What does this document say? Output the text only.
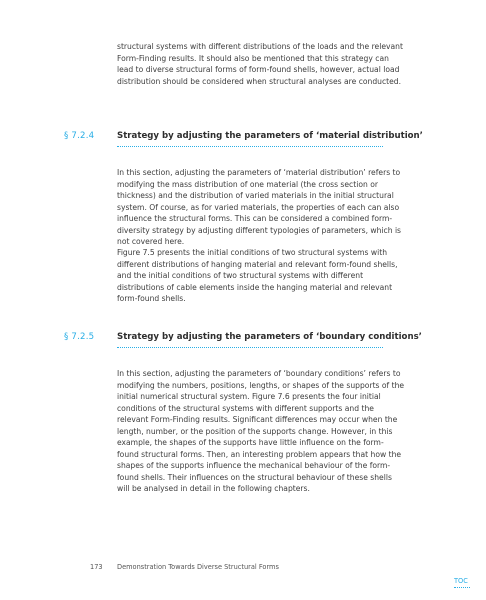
structural systems with different distributions of the loads and the relevant Form-Finding results. It should also be mentioned that this strategy can lead to diverse structural forms of form-found shells, however, actual load distribution should be considered when structural analyses are conducted.

§ 7.2.4	Strategy by adjusting the parameters of ‘material distribution’

In this section, adjusting the parameters of ‘material distribution’ refers to modifying the mass distribution of one material (the cross section or thickness) and the distribution of varied materials in the initial structural system. Of course, as for varied materials, the properties of each can also influence the structural forms. This can be considered a combined form-diversity strategy by adjusting different typologies of parameters, which is not covered here.

Figure 7.5 presents the initial conditions of two structural systems with different distributions of hanging material and relevant form-found shells, and the initial conditions of two structural systems with different distributions of cable elements inside the hanging material and relevant form-found shells.

§ 7.2.5	Strategy by adjusting the parameters of ‘boundary conditions’

In this section, adjusting the parameters of ‘boundary conditions’ refers to modifying the numbers, positions, lengths, or shapes of the supports of the initial numerical structural system. Figure 7.6 presents the four initial conditions of the structural systems with different supports and the relevant Form-Finding results. Significant differences may occur when the length, number, or the position of the supports change. However, in this example, the shapes of the supports have little influence on the form-found structural forms. Then, an interesting problem appears that how the shapes of the supports influence the mechanical behaviour of the form-found shells. Their influences on the structural behaviour of these shells will be analysed in detail in the following chapters.

173 Demonstration Towards Diverse Structural Forms
TOC
